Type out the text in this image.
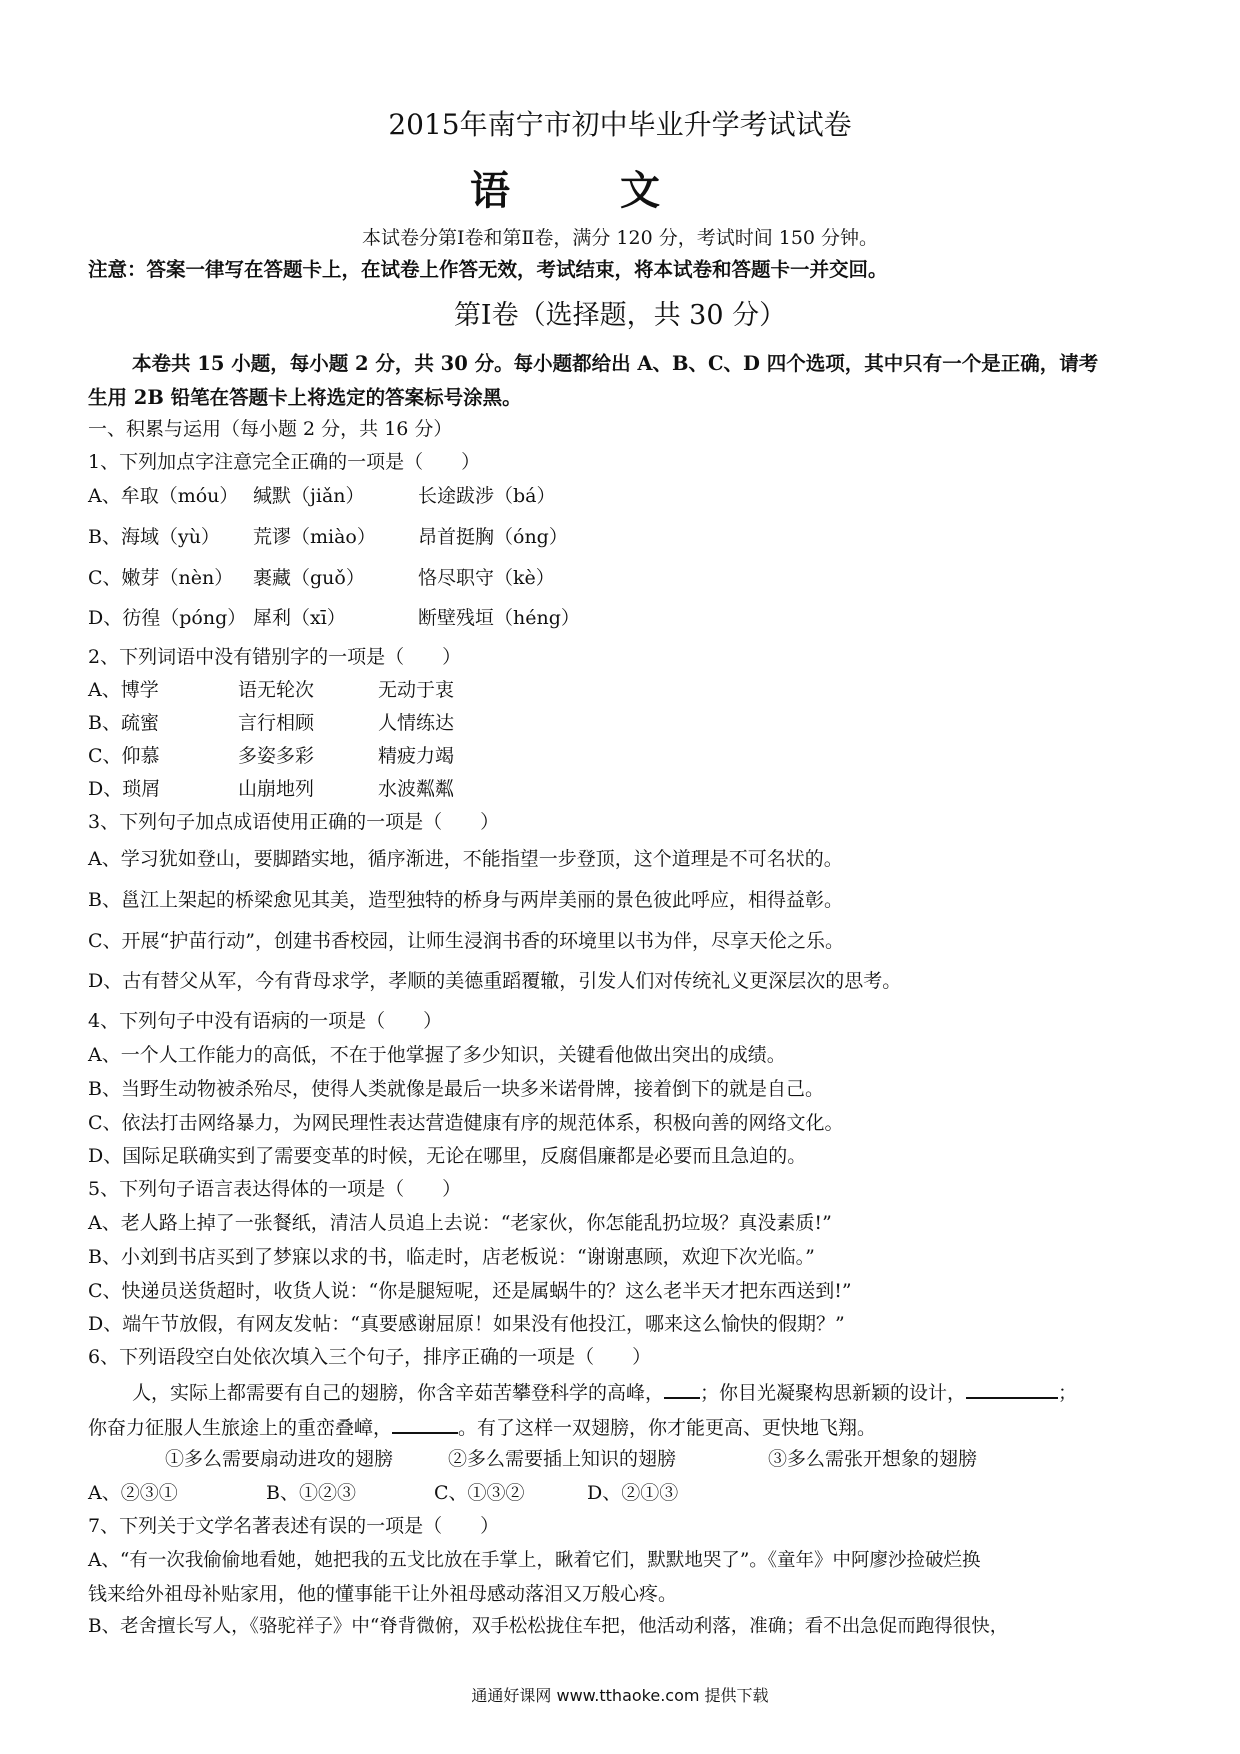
2015年南宁市初中毕业升学考试试卷
语文
本试卷分第Ⅰ卷和第Ⅱ卷，满分 120 分，考试时间 150 分钟。
注意：答案一律写在答题卡上，在试卷上作答无效，考试结束，将本试卷和答题卡一并交回。
第Ⅰ卷（选择题，共 30 分）
本卷共 15 小题，每小题 2 分，共 30 分。每小题都给出 A、B、C、D 四个选项，其中只有一个是正确，请考
生用 2B 铅笔在答题卡上将选定的答案标号涂黑。
一、积累与运用（每小题 2 分，共 16 分）
1、下列加点字注意完全正确的一项是（　　）
A、牟取（móu） 缄默（jiǎn）	长途跋涉（bá）
B、海域（yù） 荒谬（miào） 昂首挺胸（óng）
C、嫩芽（nèn） 裹藏（guǒ）	恪尽职守（kè）
D、彷徨（póng） 犀利（xī）	断壁残垣（héng）
2、下列词语中没有错别字的一项是（　　）
A、博学	语无轮次	无动于衷
B、疏蜜	言行相顾	人情练达
C、仰慕	多姿多彩	精疲力竭
D、琐屑	山崩地列	水波粼粼
3、下列句子加点成语使用正确的一项是（　　）
A、学习犹如登山，要脚踏实地，循序渐进，不能指望一步登顶，这个道理是不可名状的。
B、邕江上架起的桥梁愈见其美，造型独特的桥身与两岸美丽的景色彼此呼应，相得益彰。
C、开展“护苗行动”，创建书香校园，让师生浸润书香的环境里以书为伴，尽享天伦之乐。
D、古有替父从军，今有背母求学，孝顺的美德重蹈覆辙，引发人们对传统礼义更深层次的思考。
4、下列句子中没有语病的一项是（　　）
A、一个人工作能力的高低，不在于他掌握了多少知识，关键看他做出突出的成绩。
B、当野生动物被杀殆尽，使得人类就像是最后一块多米诺骨牌，接着倒下的就是自己。
C、依法打击网络暴力，为网民理性表达营造健康有序的规范体系，积极向善的网络文化。
D、国际足联确实到了需要变革的时候，无论在哪里，反腐倡廉都是必要而且急迫的。
5、下列句子语言表达得体的一项是（　　）
A、老人路上掉了一张餐纸，清洁人员追上去说：“老家伙，你怎能乱扔垃圾？真没素质!”
B、小刘到书店买到了梦寐以求的书，临走时，店老板说：“谢谢惠顾，欢迎下次光临。”
C、快递员送货超时，收货人说：“你是腿短呢，还是属蜗牛的？这么老半天才把东西送到!”
D、端午节放假，有网友发帖：“真要感谢屈原！如果没有他投江，哪来这么愉快的假期？”
6、下列语段空白处依次填入三个句子，排序正确的一项是（　　）
人，实际上都需要有自己的翅膀，你含辛茹苦攀登科学的高峰， ；你目光凝聚构思新颖的设计，	；
你奋力征服人生旅途上的重峦叠嶂，	。有了这样一双翅膀，你才能更高、更快地飞翔。
①多么需要扇动进攻的翅膀	②多么需要插上知识的翅膀	③多么需张开想象的翅膀
A、②③①	B、①②③	C、①③②	D、②①③
7、下列关于文学名著表述有误的一项是（　　）
A、“有一次我偷偷地看她，她把我的五戈比放在手掌上，瞅着它们，默默地哭了”。《童年》中阿廖沙捡破烂换
钱来给外祖母补贴家用，他的懂事能干让外祖母感动落泪又万般心疼。
B、老舍擅长写人，《骆驼祥子》中“脊背微俯，双手松松拢住车把，他活动利落，准确；看不出急促而跑得很快，
通通好课网 www.tthaoke.com 提供下载
